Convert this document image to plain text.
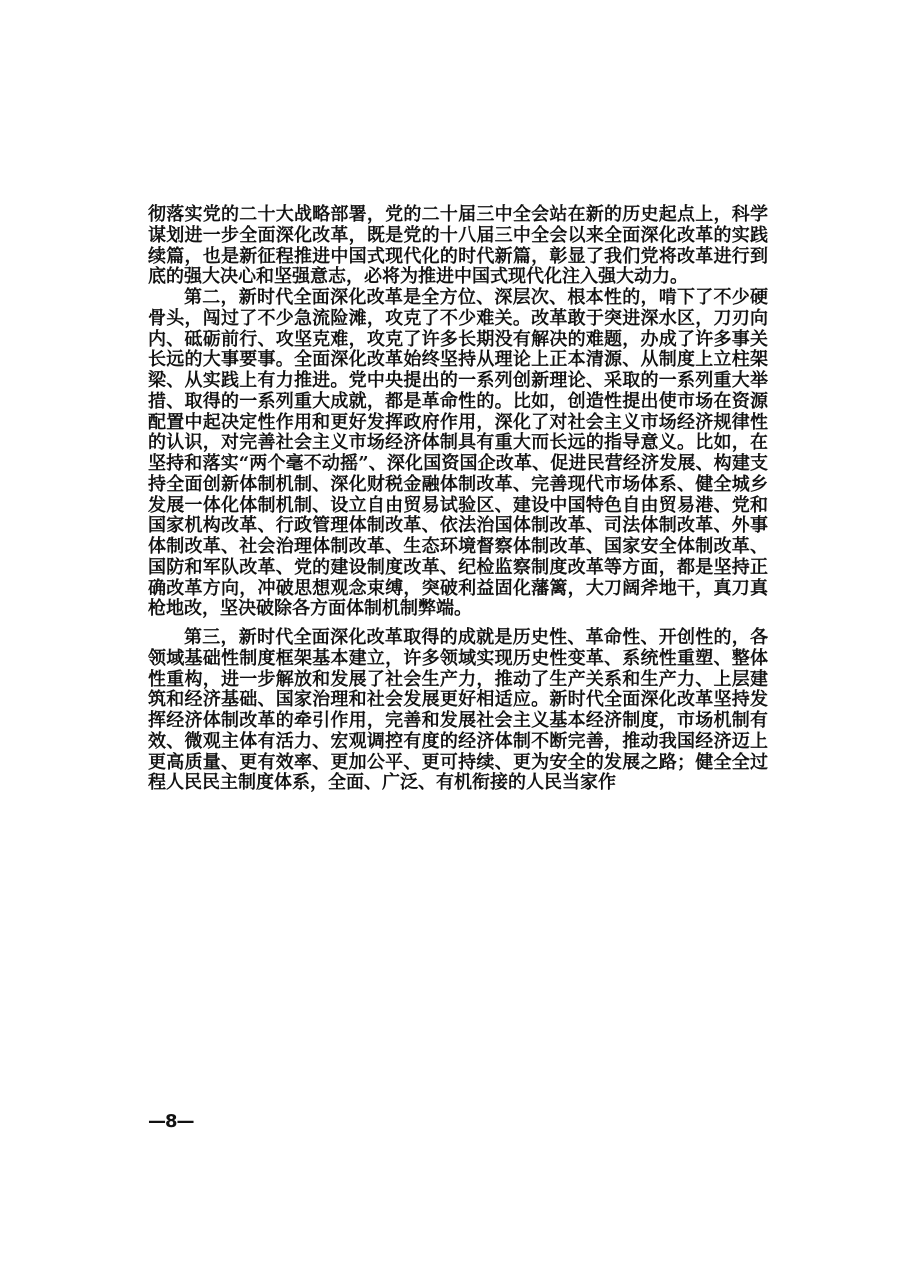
彻落实党的二十大战略部署，党的二十届三中全会站在新的历史起点上，科学谋划进一步全面深化改革，既是党的十八届三中全会以来全面深化改革的实践续篇，也是新征程推进中国式现代化的时代新篇，彰显了我们党将改革进行到底的强大决心和坚强意志，必将为推进中国式现代化注入强大动力。

第二，新时代全面深化改革是全方位、深层次、根本性的，啃下了不少硬骨头，闯过了不少急流险滩，攻克了不少难关。改革敢于突进深水区，刀刃向内、砥砺前行、攻坚克难，攻克了许多长期没有解决的难题，办成了许多事关长远的大事要事。全面深化改革始终坚持从理论上正本清源、从制度上立柱架梁、从实践上有力推进。党中央提出的一系列创新理论、采取的一系列重大举措、取得的一系列重大成就，都是革命性的。比如，创造性提出使市场在资源配置中起决定性作用和更好发挥政府作用，深化了对社会主义市场经济规律性的认识，对完善社会主义市场经济体制具有重大而长远的指导意义。比如，在坚持和落实“两个毫不动摇”、深化国资国企改革、促进民营经济发展、构建支持全面创新体制机制、深化财税金融体制改革、完善现代市场体系、健全城乡发展一体化体制机制、设立自由贸易试验区、建设中国特色自由贸易港、党和国家机构改革、行政管理体制改革、依法治国体制改革、司法体制改革、外事体制改革、社会治理体制改革、生态环境督察体制改革、国家安全体制改革、国防和军队改革、党的建设制度改革、纪检监察制度改革等方面，都是坚持正确改革方向，冲破思想观念束缚，突破利益固化藩篱，大刀阔斧地干，真刀真枪地改，坚决破除各方面体制机制弊端。

第三，新时代全面深化改革取得的成就是历史性、革命性、开创性的，各领域基础性制度框架基本建立，许多领域实现历史性变革、系统性重塑、整体性重构，进一步解放和发展了社会生产力，推动了生产关系和生产力、上层建筑和经济基础、国家治理和社会发展更好相适应。新时代全面深化改革坚持发挥经济体制改革的牵引作用，完善和发展社会主义基本经济制度，市场机制有效、微观主体有活力、宏观调控有度的经济体制不断完善，推动我国经济迈上更高质量、更有效率、更加公平、更可持续、更为安全的发展之路；健全全过程人民民主制度体系，全面、广泛、有机衔接的人民当家作

—8—
